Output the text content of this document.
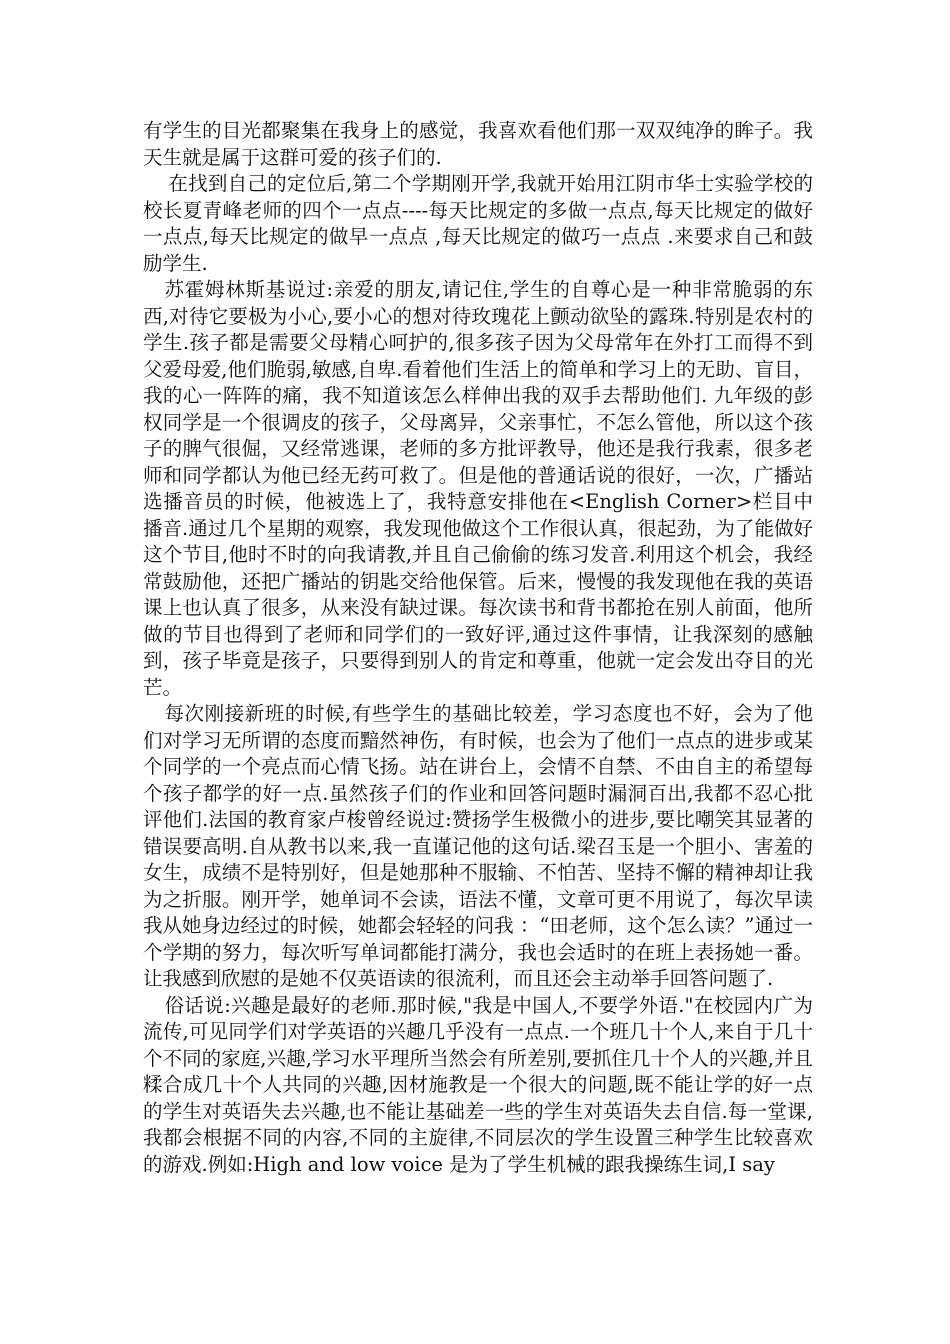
有学生的目光都聚集在我身上的感觉，我喜欢看他们那一双双纯净的眸子。我天生就是属于这群可爱的孩子们的.

在找到自己的定位后,第二个学期刚开学,我就开始用江阴市华士实验学校的校长夏青峰老师的四个一点点----每天比规定的多做一点点,每天比规定的做好一点点,每天比规定的做早一点点 ,每天比规定的做巧一点点 .来要求自己和鼓励学生.

苏霍姆林斯基说过:亲爱的朋友,请记住,学生的自尊心是一种非常脆弱的东西,对待它要极为小心,要小心的想对待玫瑰花上颤动欲坠的露珠.特别是农村的学生.孩子都是需要父母精心呵护的,很多孩子因为父母常年在外打工而得不到父爱母爱,他们脆弱,敏感,自卑.看着他们生活上的简单和学习上的无助、盲目，我的心一阵阵的痛，我不知道该怎么样伸出我的双手去帮助他们. 九年级的彭权同学是一个很调皮的孩子，父母离异，父亲事忙，不怎么管他，所以这个孩子的脾气很倔，又经常逃课，老师的多方批评教导，他还是我行我素，很多老师和同学都认为他已经无药可救了。但是他的普通话说的很好，一次，广播站选播音员的时候，他被选上了，我特意安排他在<English Corner>栏目中播音.通过几个星期的观察，我发现他做这个工作很认真，很起劲，为了能做好这个节目,他时不时的向我请教,并且自己偷偷的练习发音.利用这个机会，我经常鼓励他，还把广播站的钥匙交给他保管。后来，慢慢的我发现他在我的英语课上也认真了很多，从来没有缺过课。每次读书和背书都抢在别人前面，他所做的节目也得到了老师和同学们的一致好评,通过这件事情，让我深刻的感触到，孩子毕竟是孩子，只要得到别人的肯定和尊重，他就一定会发出夺目的光芒。

每次刚接新班的时候,有些学生的基础比较差，学习态度也不好，会为了他们对学习无所谓的态度而黯然神伤，有时候，也会为了他们一点点的进步或某个同学的一个亮点而心情飞扬。站在讲台上，会情不自禁、不由自主的希望每个孩子都学的好一点.虽然孩子们的作业和回答问题时漏洞百出,我都不忍心批评他们.法国的教育家卢梭曾经说过:赞扬学生极微小的进步,要比嘲笑其显著的错误要高明.自从教书以来,我一直谨记他的这句话.梁召玉是一个胆小、害羞的女生，成绩不是特别好，但是她那种不服输、不怕苦、坚持不懈的精神却让我为之折服。刚开学，她单词不会读，语法不懂，文章可更不用说了，每次早读我从她身边经过的时候，她都会轻轻的问我 ：“田老师，这个怎么读？”通过一个学期的努力，每次听写单词都能打满分，我也会适时的在班上表扬她一番。让我感到欣慰的是她不仅英语读的很流利，而且还会主动举手回答问题了.

俗话说:兴趣是最好的老师.那时候,"我是中国人,不要学外语."在校园内广为流传,可见同学们对学英语的兴趣几乎没有一点点.一个班几十个人,来自于几十个不同的家庭,兴趣,学习水平理所当然会有所差别,要抓住几十个人的兴趣,并且糅合成几十个人共同的兴趣,因材施教是一个很大的问题,既不能让学的好一点的学生对英语失去兴趣,也不能让基础差一些的学生对英语失去自信.每一堂课,我都会根据不同的内容,不同的主旋律,不同层次的学生设置三种学生比较喜欢的游戏.例如:High and low voice 是为了学生机械的跟我操练生词,I say
